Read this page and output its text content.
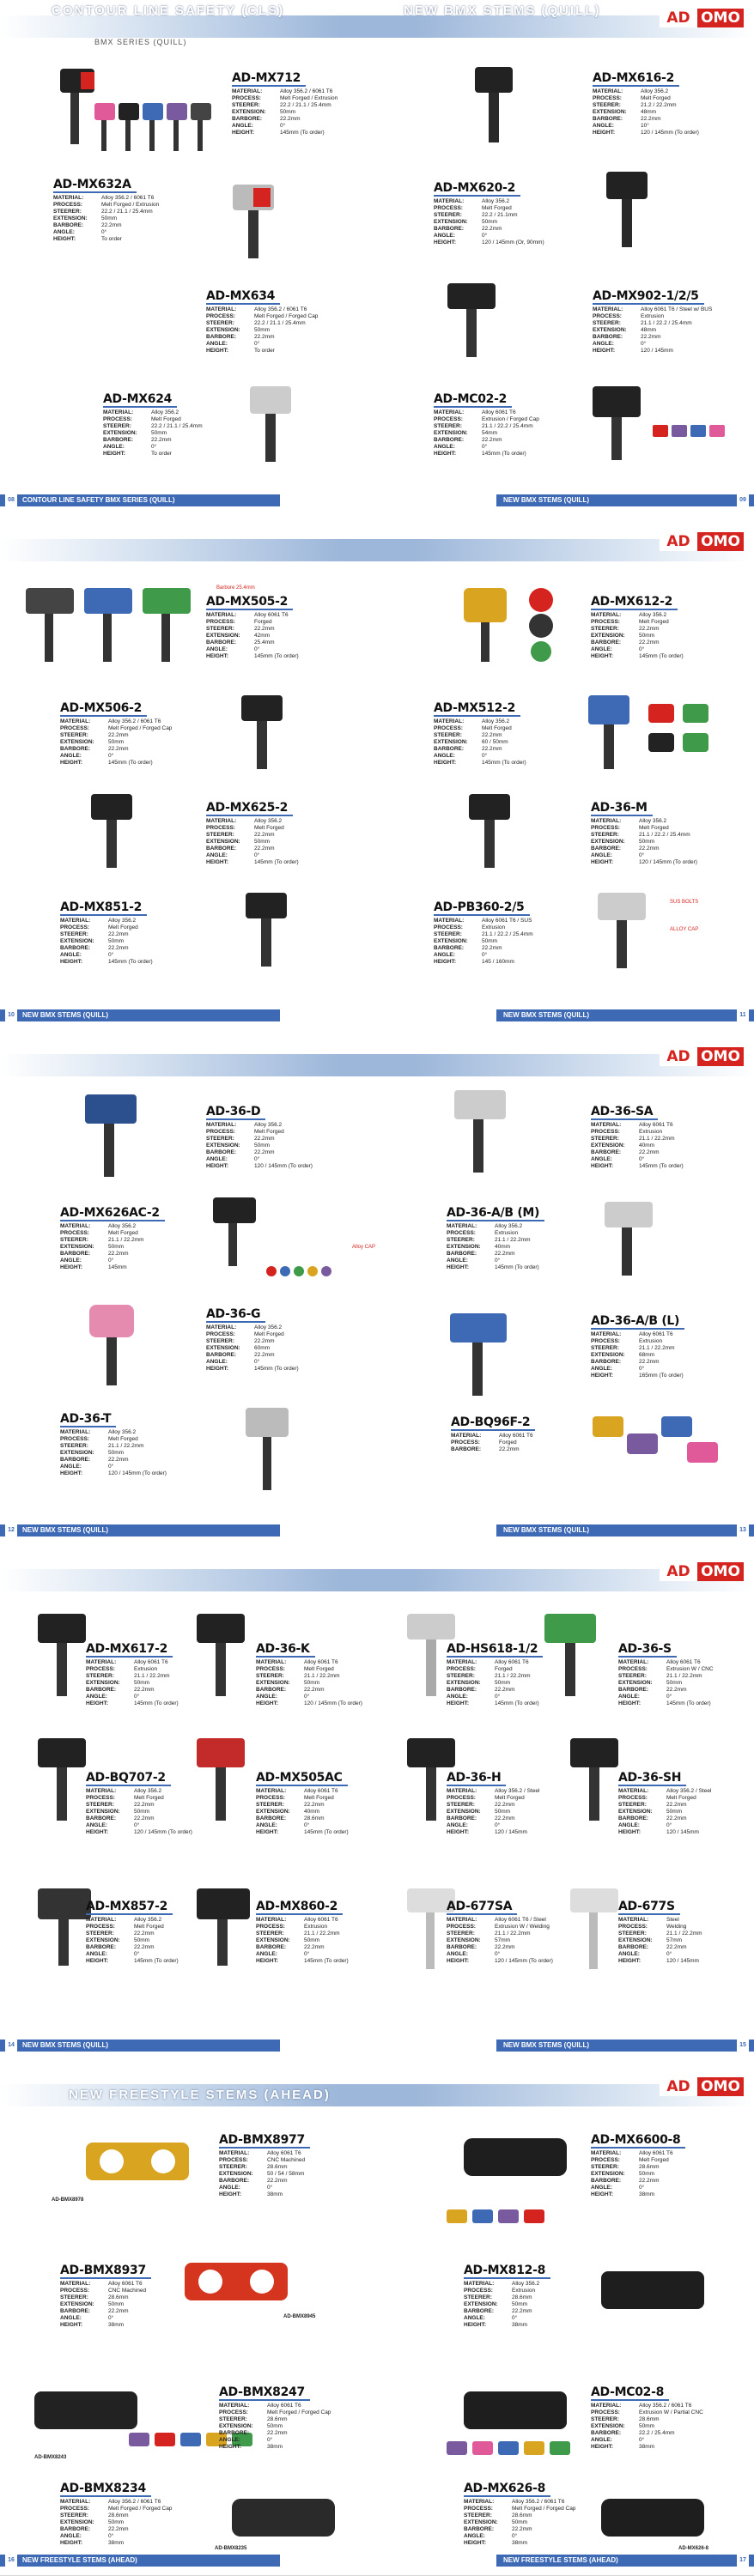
CONTOUR LINE SAFETY (CLS)
BMX SERIES (QUILL)
NEW BMX STEMS (QUILL)	AD OMO
AD-MX712
MATERIAL:	Alloy 356.2 / 6061 T6
PROCESS:	Melt Forged / Extrusion
STEERER:	22.2 / 21.1 / 25.4mm
EXTENSION:	50mm
BARBORE:	22.2mm
ANGLE:	0°
HEIGHT:	145mm (To order)
AD-MX616-2
MATERIAL:	Alloy 356.2
PROCESS:	Melt Forged
STEERER:	21.2 / 22.2mm
EXTENSION:	48mm
BARBORE:	22.2mm
ANGLE:	10°
HEIGHT:	120 / 145mm (To order)
AD-MX632A
MATERIAL:	Alloy 356.2 / 6061 T6
PROCESS:	Melt Forged / Extrusion
STEERER:	22.2 / 21.1 / 25.4mm
EXTENSION:	50mm
BARBORE:	22.2mm
ANGLE:	0°
HEIGHT:	To order
AD-MX620-2
MATERIAL:	Alloy 356.2
PROCESS:	Melt Forged
STEERER:	22.2 / 21.1mm
EXTENSION:	50mm
BARBORE:	22.2mm
ANGLE:	0°
HEIGHT:	120 / 145mm (Or, 90mm)
AD-MX634
MATERIAL:	Alloy 356.2 / 6061 T6
PROCESS:	Melt Forged / Forged Cap
STEERER:	22.2 / 21.1 / 25.4mm
EXTENSION:	50mm
BARBORE:	22.2mm
ANGLE:	0°
HEIGHT:	To order
AD-MX902-1/2/5
MATERIAL:	Alloy 6061 T6 / Steel w/ BUS
PROCESS:	Extrusion
STEERER:	21.1 / 22.2 / 25.4mm
EXTENSION:	48mm
BARBORE:	22.2mm
ANGLE:	0°
HEIGHT:	120 / 145mm
AD-MX624
MATERIAL:	Alloy 356.2
PROCESS:	Melt Forged
STEERER:	22.2 / 21.1 / 25.4mm
EXTENSION:	50mm
BARBORE:	22.2mm
ANGLE:	0°
HEIGHT:	To order
AD-MC02-2
MATERIAL:	Alloy 6061 T6
PROCESS:	Extrusion / Forged Cap
STEERER:	21.1 / 22.2 / 25.4mm
EXTENSION:	54mm
BARBORE:	22.2mm
ANGLE:	0°
HEIGHT:	145mm (To order)
08	CONTOUR LINE SAFETY BMX SERIES (QUILL)	NEW BMX STEMS (QUILL)	09
AD OMO
Barbore 25.4mm
SUS BOLTS
ALLOY CAP
AD-MX505-2
MATERIAL:	Alloy 6061 T6
PROCESS:	Forged
STEERER:	22.2mm
EXTENSION:	42mm
BARBORE:	25.4mm
ANGLE:	0°
HEIGHT:	145mm (To order)
AD-MX612-2
MATERIAL:	Alloy 356.2
PROCESS:	Melt Forged
STEERER:	22.2mm
EXTENSION:	50mm
BARBORE:	22.2mm
ANGLE:	0°
HEIGHT:	145mm (To order)
AD-MX506-2
MATERIAL:	Alloy 356.2 / 6061 T6
PROCESS:	Melt Forged / Forged Cap
STEERER:	22.2mm
EXTENSION:	50mm
BARBORE:	22.2mm
ANGLE:	0°
HEIGHT:	145mm (To order)
AD-MX512-2
MATERIAL:	Alloy 356.2
PROCESS:	Melt Forged
STEERER:	22.2mm
EXTENSION:	60 / 50mm
BARBORE:	22.2mm
ANGLE:	0°
HEIGHT:	145mm (To order)
AD-MX625-2
MATERIAL:	Alloy 356.2
PROCESS:	Melt Forged
STEERER:	22.2mm
EXTENSION:	50mm
BARBORE:	22.2mm
ANGLE:	0°
HEIGHT:	145mm (To order)
AD-36-M
MATERIAL:	Alloy 356.2
PROCESS:	Melt Forged
STEERER:	21.1 / 22.2 / 25.4mm
EXTENSION:	50mm
BARBORE:	22.2mm
ANGLE:	0°
HEIGHT:	120 / 145mm (To order)
AD-MX851-2
MATERIAL:	Alloy 356.2
PROCESS:	Melt Forged
STEERER:	22.2mm
EXTENSION:	50mm
BARBORE:	22.2mm
ANGLE:	0°
HEIGHT:	145mm (To order)
AD-PB360-2/5
MATERIAL:	Alloy 6061 T6 / SUS
PROCESS:	Extrusion
STEERER:	21.1 / 22.2 / 25.4mm
EXTENSION:	50mm
BARBORE:	22.2mm
ANGLE:	0°
HEIGHT:	145 / 160mm
10	NEW BMX STEMS (QUILL)	NEW BMX STEMS (QUILL)	11
AD OMO
Alloy CAP
AD-36-D
MATERIAL:	Alloy 356.2
PROCESS:	Melt Forged
STEERER:	22.2mm
EXTENSION:	50mm
BARBORE:	22.2mm
ANGLE:	0°
HEIGHT:	120 / 145mm (To order)
AD-36-SA
MATERIAL:	Alloy 6061 T6
PROCESS:	Extrusion
STEERER:	21.1 / 22.2mm
EXTENSION:	40mm
BARBORE:	22.2mm
ANGLE:	0°
HEIGHT:	145mm (To order)
AD-MX626AC-2
MATERIAL:	Alloy 356.2
PROCESS:	Melt Forged
STEERER:	21.1 / 22.2mm
EXTENSION:	50mm
BARBORE:	22.2mm
ANGLE:	0°
HEIGHT:	145mm
AD-36-A/B (M)
MATERIAL:	Alloy 356.2
PROCESS:	Extrusion
STEERER:	21.1 / 22.2mm
EXTENSION:	40mm
BARBORE:	22.2mm
ANGLE:	0°
HEIGHT:	145mm (To order)
AD-36-G
MATERIAL:	Alloy 356.2
PROCESS:	Melt Forged
STEERER:	22.2mm
EXTENSION:	60mm
BARBORE:	22.2mm
ANGLE:	0°
HEIGHT:	145mm (To order)
AD-36-A/B (L)
MATERIAL:	Alloy 6061 T6
PROCESS:	Extrusion
STEERER:	21.1 / 22.2mm
EXTENSION:	68mm
BARBORE:	22.2mm
ANGLE:	0°
HEIGHT:	165mm (To order)
AD-36-T
MATERIAL:	Alloy 356.2
PROCESS:	Melt Forged
STEERER:	21.1 / 22.2mm
EXTENSION:	50mm
BARBORE:	22.2mm
ANGLE:	0°
HEIGHT:	120 / 145mm (To order)
AD-BQ96F-2
MATERIAL:	Alloy 6061 T6
PROCESS:	Forged
BARBORE:	22.2mm
12	NEW BMX STEMS (QUILL)	NEW BMX STEMS (QUILL)	13
AD OMO
AD-MX617-2
MATERIAL:	Alloy 6061 T6
PROCESS:	Extrusion
STEERER:	21.1 / 22.2mm
EXTENSION:	50mm
BARBORE:	22.2mm
ANGLE:	0°
HEIGHT:	145mm (To order)
AD-36-K
MATERIAL:	Alloy 6061 T6
PROCESS:	Melt Forged
STEERER:	21.1 / 22.2mm
EXTENSION:	50mm
BARBORE:	22.2mm
ANGLE:	0°
HEIGHT:	120 / 145mm (To order)
AD-HS618-1/2
MATERIAL:	Alloy 6061 T6
PROCESS:	Forged
STEERER:	21.1 / 22.2mm
EXTENSION:	50mm
BARBORE:	22.2mm
ANGLE:	0°
HEIGHT:	145mm (To order)
AD-36-S
MATERIAL:	Alloy 6061 T6
PROCESS:	Extrusion W / CNC
STEERER:	21.1 / 22.2mm
EXTENSION:	50mm
BARBORE:	22.2mm
ANGLE:	0°
HEIGHT:	145mm (To order)
AD-BQ707-2
MATERIAL:	Alloy 356.2
PROCESS:	Melt Forged
STEERER:	22.2mm
EXTENSION:	50mm
BARBORE:	22.2mm
ANGLE:	0°
HEIGHT:	120 / 145mm (To order)
AD-MX505AC
MATERIAL:	Alloy 6061 T6
PROCESS:	Melt Forged
STEERER:	22.2mm
EXTENSION:	40mm
BARBORE:	28.6mm
ANGLE:	0°
HEIGHT:	145mm (To order)
AD-36-H
MATERIAL:	Alloy 356.2 / Steel
PROCESS:	Melt Forged
STEERER:	22.2mm
EXTENSION:	50mm
BARBORE:	22.2mm
ANGLE:	0°
HEIGHT:	120 / 145mm
AD-36-SH
MATERIAL:	Alloy 356.2 / Steel
PROCESS:	Melt Forged
STEERER:	22.2mm
EXTENSION:	50mm
BARBORE:	22.2mm
ANGLE:	0°
HEIGHT:	120 / 145mm
AD-MX857-2
MATERIAL:	Alloy 356.2
PROCESS:	Melt Forged
STEERER:	22.2mm
EXTENSION:	50mm
BARBORE:	22.2mm
ANGLE:	0°
HEIGHT:	145mm (To order)
AD-MX860-2
MATERIAL:	Alloy 6061 T6
PROCESS:	Extrusion
STEERER:	21.1 / 22.2mm
EXTENSION:	50mm
BARBORE:	22.2mm
ANGLE:	0°
HEIGHT:	145mm (To order)
AD-677SA
MATERIAL:	Alloy 6061 T6 / Steel
PROCESS:	Extrusion W / Welding
STEERER:	21.1 / 22.2mm
EXTENSION:	57mm
BARBORE:	22.2mm
ANGLE:	0°
HEIGHT:	120 / 145mm (To order)
AD-677S
MATERIAL:	Steel
PROCESS:	Welding
STEERER:	21.1 / 22.2mm
EXTENSION:	57mm
BARBORE:	22.2mm
ANGLE:	0°
HEIGHT:	120 / 145mm
14	NEW BMX STEMS (QUILL)	NEW BMX STEMS (QUILL)	15
NEW FREESTYLE STEMS (AHEAD)	AD OMO
AD-BMX8978
AD-BMX8945
AD-BMX8243
AD-BMX8235	AD-MX626-8
AD-BMX8977
MATERIAL:	Alloy 6061 T6
PROCESS:	CNC Machined
STEERER:	28.6mm
EXTENSION:	50 / 54 / 58mm
BARBORE:	22.2mm
ANGLE:	0°
HEIGHT:	38mm
AD-MX6600-8
MATERIAL:	Alloy 6061 T6
PROCESS:	Melt Forged
STEERER:	28.6mm
EXTENSION:	50mm
BARBORE:	22.2mm
ANGLE:	0°
HEIGHT:	38mm
AD-BMX8937
MATERIAL:	Alloy 6061 T6
PROCESS:	CNC Machined
STEERER:	28.6mm
EXTENSION:	50mm
BARBORE:	22.2mm
ANGLE:	0°
HEIGHT:	38mm
AD-MX812-8
MATERIAL:	Alloy 356.2
PROCESS:	Extrusion
STEERER:	28.6mm
EXTENSION:	50mm
BARBORE:	22.2mm
ANGLE:	0°
HEIGHT:	38mm
AD-BMX8247
MATERIAL:	Alloy 6061 T6
PROCESS:	Melt Forged / Forged Cap
STEERER:	28.6mm
EXTENSION:	50mm
BARBORE:	22.2mm
ANGLE:	0°
HEIGHT:	38mm
AD-MC02-8
MATERIAL:	Alloy 356.2 / 6061 T6
PROCESS:	Extrusion W / Partial CNC
STEERER:	28.6mm
EXTENSION:	50mm
BARBORE:	22.2 / 25.4mm
ANGLE:	0°
HEIGHT:	38mm
AD-BMX8234
MATERIAL:	Alloy 356.2 / 6061 T6
PROCESS:	Melt Forged / Forged Cap
STEERER:	28.6mm
EXTENSION:	50mm
BARBORE:	22.2mm
ANGLE:	0°
HEIGHT:	38mm
AD-MX626-8
MATERIAL:	Alloy 356.2 / 6061 T6
PROCESS:	Melt Forged / Forged Cap
STEERER:	28.6mm
EXTENSION:	50mm
BARBORE:	22.2mm
ANGLE:	0°
HEIGHT:	38mm
16	NEW FREESTYLE STEMS (AHEAD)	NEW FREESTYLE STEMS (AHEAD)	17
